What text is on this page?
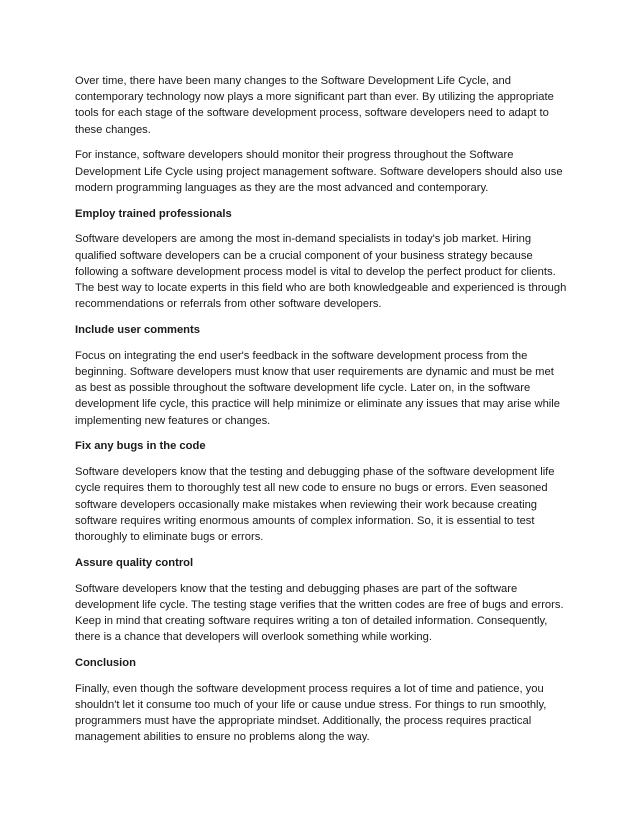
Over time, there have been many changes to the Software Development Life Cycle, and contemporary technology now plays a more significant part than ever. By utilizing the appropriate tools for each stage of the software development process, software developers need to adapt to these changes.

For instance, software developers should monitor their progress throughout the Software Development Life Cycle using project management software. Software developers should also use modern programming languages as they are the most advanced and contemporary.

Employ trained professionals

Software developers are among the most in-demand specialists in today's job market. Hiring qualified software developers can be a crucial component of your business strategy because following a software development process model is vital to develop the perfect product for clients. The best way to locate experts in this field who are both knowledgeable and experienced is through recommendations or referrals from other software developers.

Include user comments

Focus on integrating the end user's feedback in the software development process from the beginning. Software developers must know that user requirements are dynamic and must be met as best as possible throughout the software development life cycle. Later on, in the software development life cycle, this practice will help minimize or eliminate any issues that may arise while implementing new features or changes.

Fix any bugs in the code

Software developers know that the testing and debugging phase of the software development life cycle requires them to thoroughly test all new code to ensure no bugs or errors. Even seasoned software developers occasionally make mistakes when reviewing their work because creating software requires writing enormous amounts of complex information. So, it is essential to test thoroughly to eliminate bugs or errors.

Assure quality control

Software developers know that the testing and debugging phases are part of the software development life cycle. The testing stage verifies that the written codes are free of bugs and errors. Keep in mind that creating software requires writing a ton of detailed information. Consequently, there is a chance that developers will overlook something while working.

Conclusion

Finally, even though the software development process requires a lot of time and patience, you shouldn't let it consume too much of your life or cause undue stress. For things to run smoothly, programmers must have the appropriate mindset. Additionally, the process requires practical management abilities to ensure no problems along the way.
